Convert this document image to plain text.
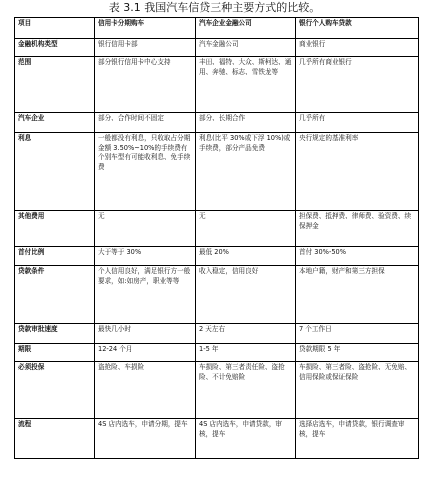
表 3.1 我国汽车信贷三种主要方式的比较。
项目	信用卡分期购车	汽车企业金融公司	银行个人购车贷款
金融机构类型	银行信用卡部	汽车金融公司	商业银行
范围	部分银行信用卡中心支持	丰田、福特、大众、斯柯达、通用、奔驰、标志、雪铁龙等	几乎所有商业银行
汽车企业	部分、合作时间不固定	部分、长期合作	几乎所有
利息	一般都没有利息，只收取占分期金额 3.50%~10%的手续费有个别车型有可能收利息、免手续费	利息(比平 30%或下浮 10%)或手续费，部分产品免费	央行规定的基准利率
其他费用	无	无	担保费、抵押费、律师费、验资费、续保押金
首付比例	大于等于 30%	最低 20%	首付 30%-50%
贷款条件	个人信用良好，满足银行方一般要求，如:如房产，职业等等	收入稳定，信用良好	本地户籍，财产和第三方担保
贷款审批速度	最快几小时	2 天左右	7 个工作日
期限	12-24 个月	1-5 年	贷款期限 5 年
必须投保	盗抢险、车损险	车损险、第三者责任险、盗抢险、不计免赔险	车损险、第三者险、盗抢险、无免赔、信用保险或保证保险
流程	4S 店内选车，申请分期，提车	4S 店内选车，申请贷款，审核，提车	选择店选车，申请贷款，银行调查审核，提车
